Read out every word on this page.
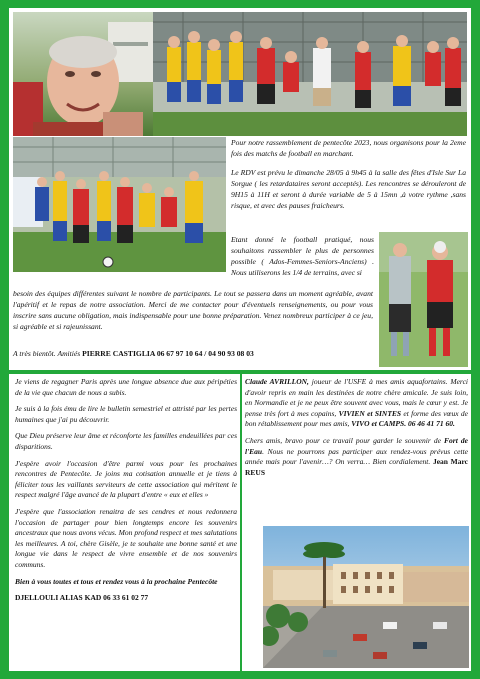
Pour notre rassemblement de pentecôte 2023, nous organisons pour la 2eme fois des matchs de football en marchant.

Le RDV est prévu le dimanche 28/05 à 9h45 à la salle des fêtes d'Isle Sur La Sorgue ( les retardataires seront acceptés). Les rencontres se dérouleront de 9H15 à 11H et seront à durée variable de 5 à 15mn ,à votre rythme ,sans risque, et avec des pauses fraicheurs.

Etant donné le football pratiqué, nous souhaitons rassembler le plus de personnes possible ( Ados-Femmes-Seniors-Anciens) . Nous utiliserons les 1/4 de terrains, avec si

besoin des équipes différentes suivant le nombre de participants. Le tout se passera dans un moment agréable, avant l'apéritif et le repas de notre association. Merci de me contacter pour d'éventuels renseignements, ou pour vous inscrire sans aucune obligation, mais indispensable pour une bonne préparation. Venez nombreux participer à ce jeu, si agréable et si rajeunissant.

A très bientôt. Amitiés PIERRE CASTIGLIA 06 67 97 10 64 / 04 90 93 08 03

Je viens de regagner Paris après une longue absence due aux péripéties de la vie que chacun de nous a subis.

Je suis à la fois ému de lire le bulletin semestriel et attristé par les pertes humaines que j'ai pu découvrir.

Que Dieu préserve leur âme et réconforte les familles endeuillées par ces disparitions.

J'espère avoir l'occasion d'être parmi vous pour les prochaines rencontres de Pentecôte. Je joins ma cotisation annuelle et je tiens à féliciter tous les vaillants serviteurs de cette association qui méritent le respect malgré l'âge avancé de la plupart d'entre « eux et elles »

J'espère que l'association renaitra de ses cendres et nous redonnera l'occasion de partager pour bien longtemps encore les souvenirs ancestraux que nous avons vécus. Mon profond respect et mes salutations les meilleures. A toi, chère Gisèle, je te souhaite une bonne santé et une longue vie dans le respect de vivre ensemble et de nos souvenirs communs.

Bien à vous toutes et tous et rendez vous à la prochaine Pentecôte

DJELLOULI ALIAS KAD 06 33 61 02 77

Claude AVRILLON, joueur de l'USFE à mes amis aquafortains. Merci d'avoir repris en main les destinées de notre chère amicale. Je suis loin, en Normandie et je ne peux être souvent avec vous, mais le cœur y est. Je pense très fort à mes copains, VIVIEN et SINTES et forme des vœux de bon rétablissement pour mes amis, VIVO et CAMPS. 06 46 41 71 60.

Chers amis, bravo pour ce travail pour garder le souvenir de Fort de l'Eau. Nous ne pourrons pas participer aux rendez-vous prévus cette année mais pour l'avenir…? On verra… Bien cordialement. Jean Marc REUS
